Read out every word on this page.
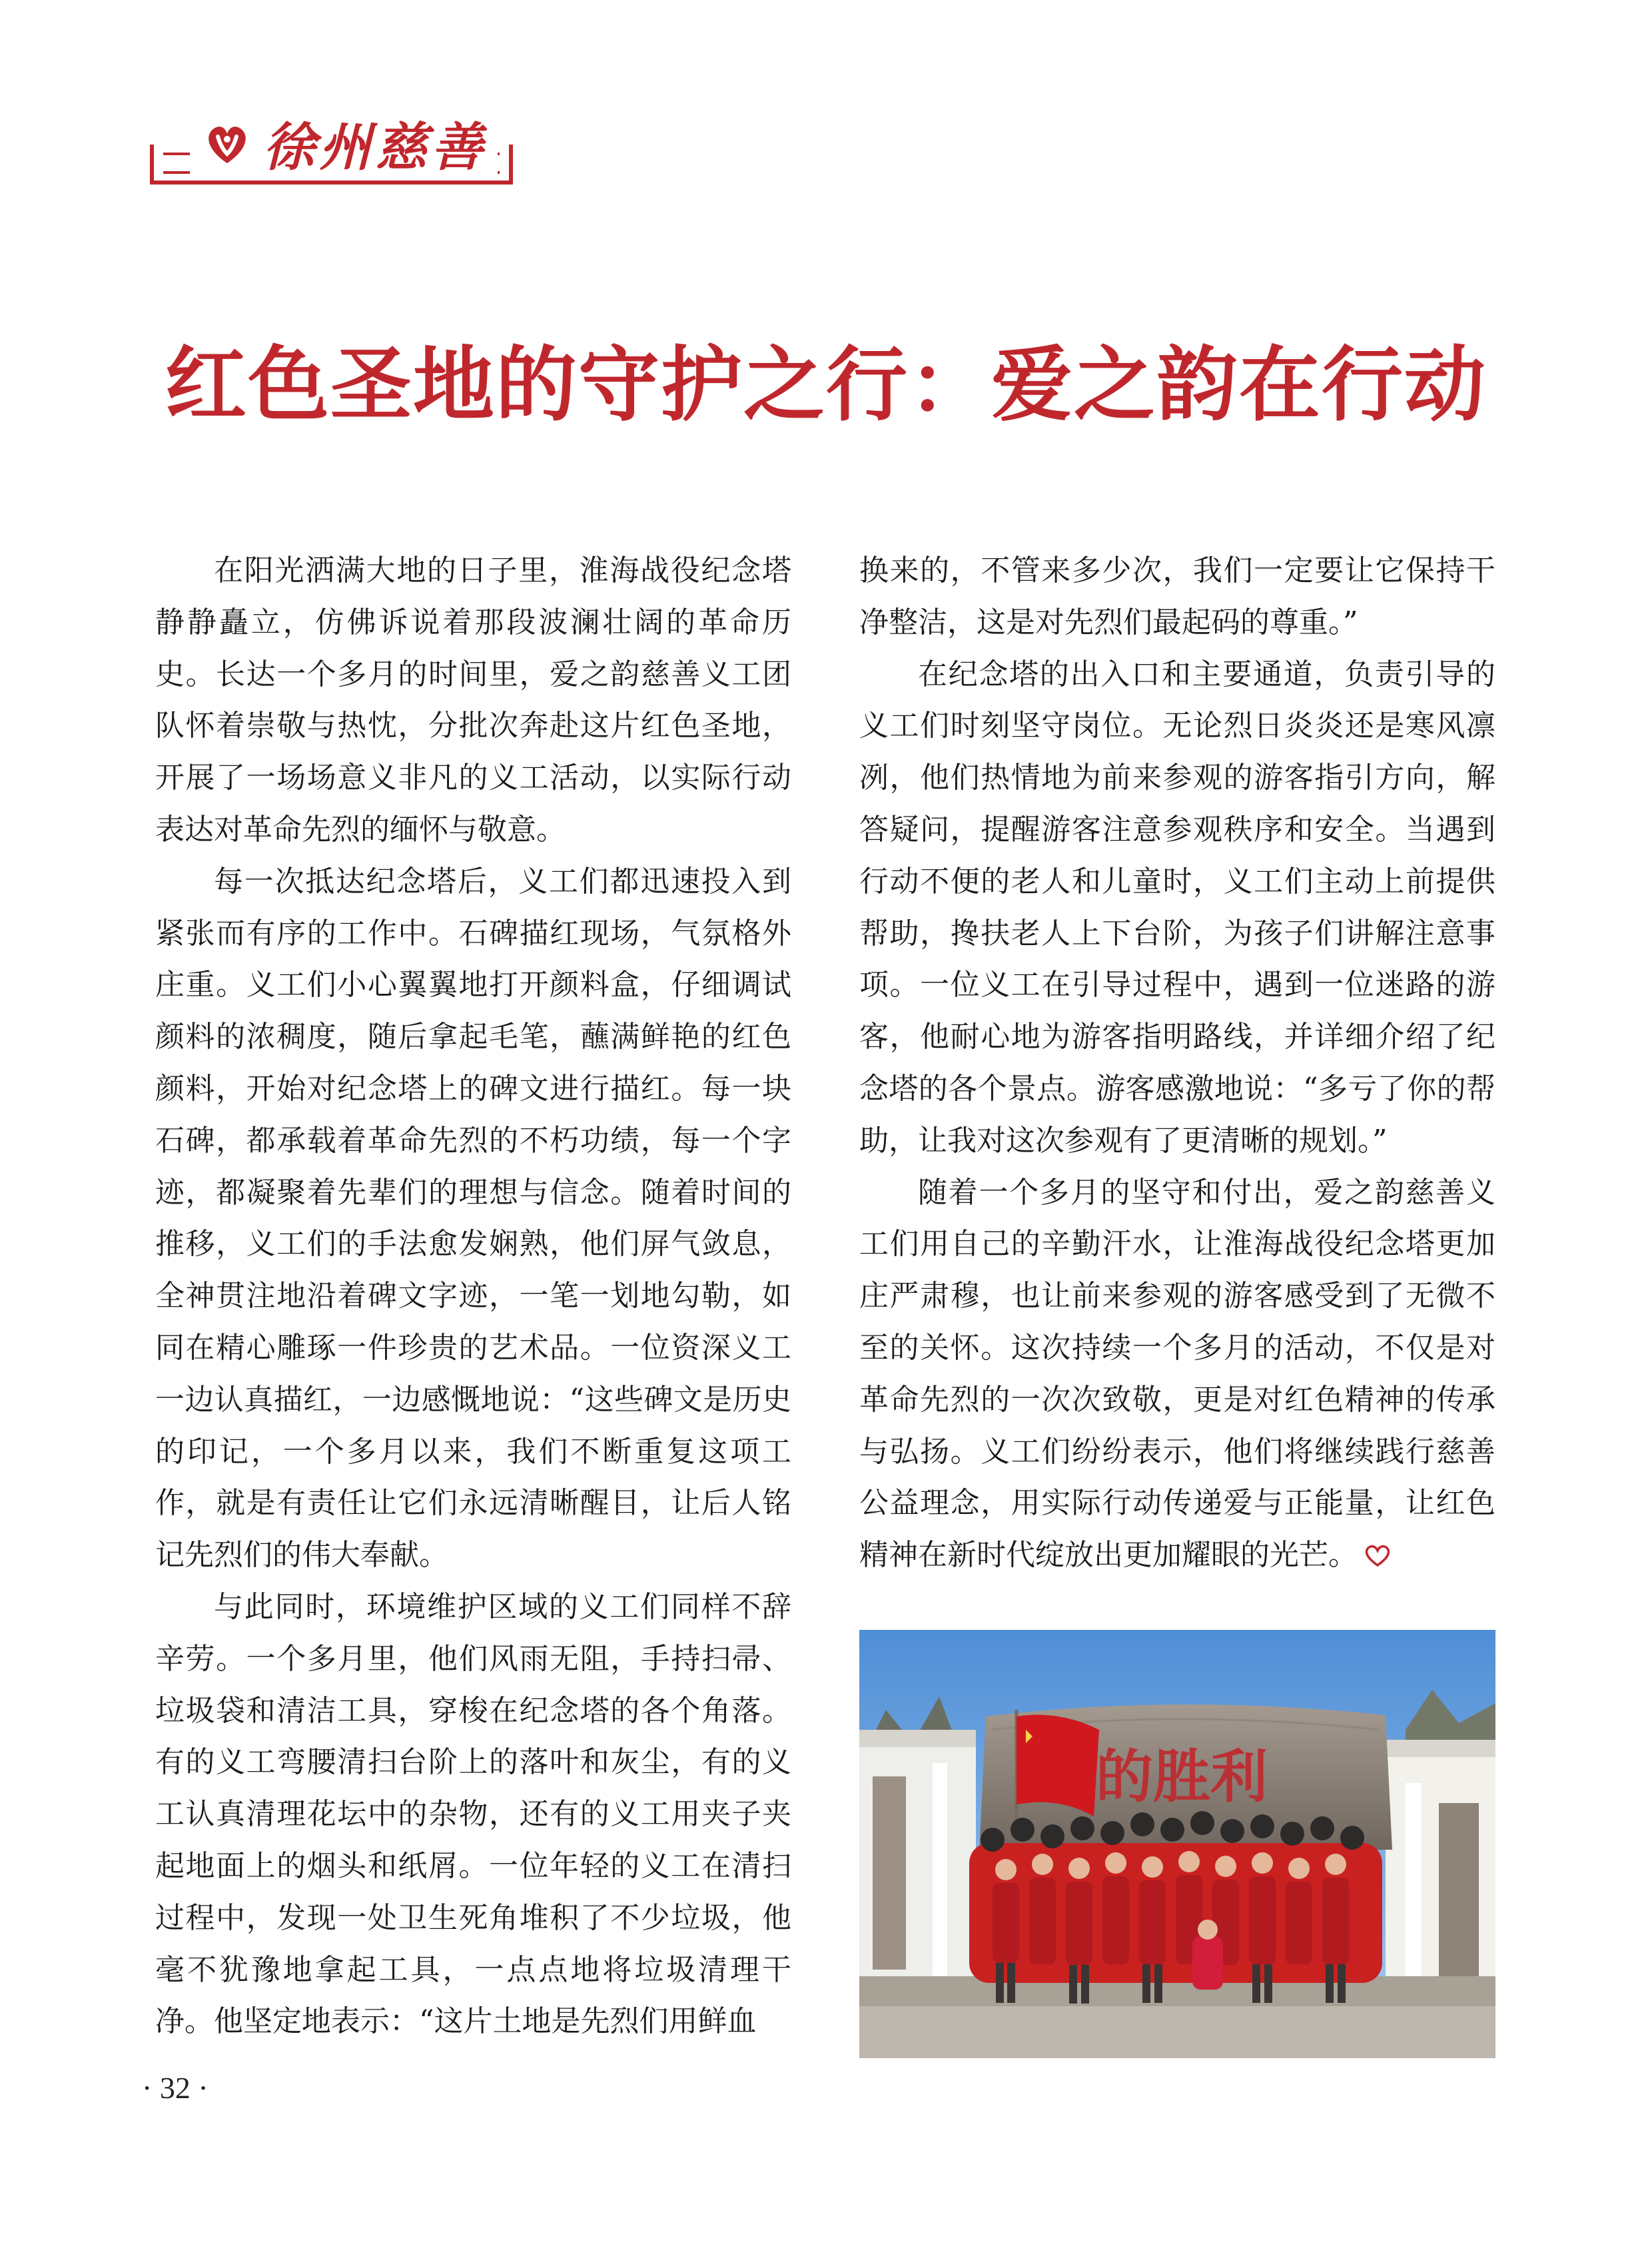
徐州慈善
红色圣地的守护之行：爱之韵在行动

在阳光洒满大地的日子里，淮海战役纪念塔静静矗立，仿佛诉说着那段波澜壮阔的革命历史。长达一个多月的时间里，爱之韵慈善义工团队怀着崇敬与热忱，分批次奔赴这片红色圣地，开展了一场场意义非凡的义工活动，以实际行动表达对革命先烈的缅怀与敬意。

每一次抵达纪念塔后，义工们都迅速投入到紧张而有序的工作中。石碑描红现场，气氛格外庄重。义工们小心翼翼地打开颜料盒，仔细调试颜料的浓稠度，随后拿起毛笔，蘸满鲜艳的红色颜料，开始对纪念塔上的碑文进行描红。每一块石碑，都承载着革命先烈的不朽功绩，每一个字迹，都凝聚着先辈们的理想与信念。随着时间的推移，义工们的手法愈发娴熟，他们屏气敛息，全神贯注地沿着碑文字迹，一笔一划地勾勒，如同在精心雕琢一件珍贵的艺术品。一位资深义工一边认真描红，一边感慨地说：“这些碑文是历史的印记，一个多月以来，我们不断重复这项工作，就是有责任让它们永远清晰醒目，让后人铭记先烈们的伟大奉献。

与此同时，环境维护区域的义工们同样不辞辛劳。一个多月里，他们风雨无阻，手持扫帚、垃圾袋和清洁工具，穿梭在纪念塔的各个角落。有的义工弯腰清扫台阶上的落叶和灰尘，有的义工认真清理花坛中的杂物，还有的义工用夹子夹起地面上的烟头和纸屑。一位年轻的义工在清扫过程中，发现一处卫生死角堆积了不少垃圾，他毫不犹豫地拿起工具，一点点地将垃圾清理干净。他坚定地表示：“这片土地是先烈们用鲜血

换来的，不管来多少次，我们一定要让它保持干净整洁，这是对先烈们最起码的尊重。”

在纪念塔的出入口和主要通道，负责引导的义工们时刻坚守岗位。无论烈日炎炎还是寒风凛冽，他们热情地为前来参观的游客指引方向，解答疑问，提醒游客注意参观秩序和安全。当遇到行动不便的老人和儿童时，义工们主动上前提供帮助，搀扶老人上下台阶，为孩子们讲解注意事项。一位义工在引导过程中，遇到一位迷路的游客，他耐心地为游客指明路线，并详细介绍了纪念塔的各个景点。游客感激地说：“多亏了你的帮助，让我对这次参观有了更清晰的规划。”

随着一个多月的坚守和付出，爱之韵慈善义工们用自己的辛勤汗水，让淮海战役纪念塔更加庄严肃穆，也让前来参观的游客感受到了无微不至的关怀。这次持续一个多月的活动，不仅是对革命先烈的一次次致敬，更是对红色精神的传承与弘扬。义工们纷纷表示，他们将继续践行慈善公益理念，用实际行动传递爱与正能量，让红色精神在新时代绽放出更加耀眼的光芒。

的胜利
· 32 ·
